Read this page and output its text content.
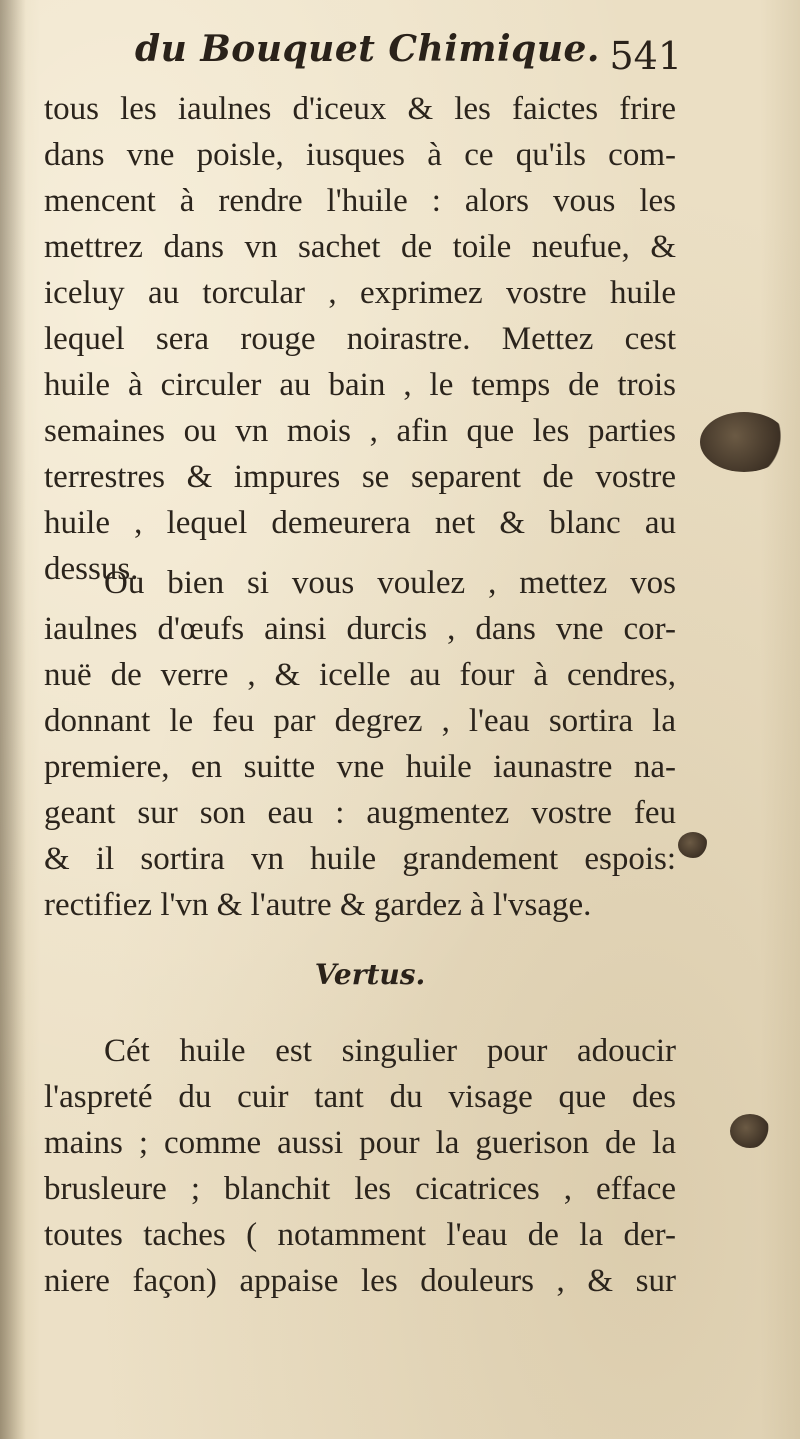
du Bouquet Chimique. 541
tous les iaulnes d'iceux & les faictes frire
dans vne poisle, iusques à ce qu'ils com-
mencent à rendre l'huile : alors vous les
mettrez dans vn sachet de toile neufue, &
iceluy au torcular , exprimez vostre huile
lequel sera rouge noirastre. Mettez cest
huile à circuler au bain , le temps de trois
semaines ou vn mois , afin que les parties
terrestres & impures se separent de vostre
huile , lequel demeurera net & blanc au
dessus.
Ou bien si vous voulez , mettez vos
iaulnes d'œufs ainsi durcis , dans vne cor-
nuë de verre , & icelle au four à cendres,
donnant le feu par degrez , l'eau sortira la
premiere, en suitte vne huile iaunastre na-
geant sur son eau : augmentez vostre feu
& il sortira vn huile grandement espois:
rectifiez l'vn & l'autre & gardez à l'vsage.
Vertus.
Cét huile est singulier pour adoucir
l'aspreté du cuir tant du visage que des
mains ; comme aussi pour la guerison de la
brusleure ; blanchit les cicatrices , efface
toutes taches ( notamment l'eau de la der-
niere façon) appaise les douleurs , & sur
